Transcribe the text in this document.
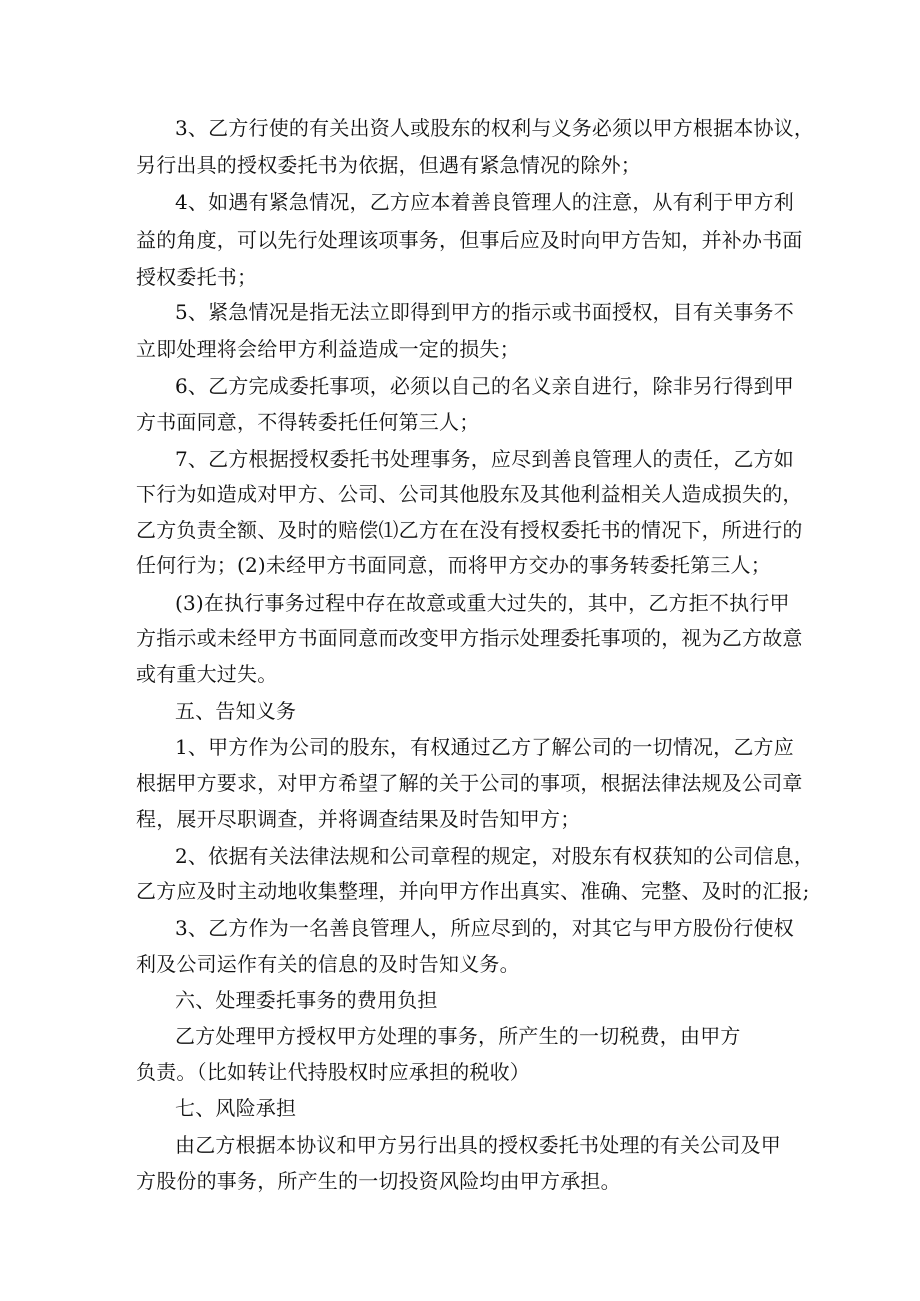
3、乙方行使的有关出资人或股东的权利与义务必须以甲方根据本协议，
另行出具的授权委托书为依据，但遇有紧急情况的除外；
4、如遇有紧急情况，乙方应本着善良管理人的注意，从有利于甲方利
益的角度，可以先行处理该项事务，但事后应及时向甲方告知，并补办书面
授权委托书；
5、紧急情况是指无法立即得到甲方的指示或书面授权，目有关事务不
立即处理将会给甲方利益造成一定的损失；
6、乙方完成委托事项，必须以自己的名义亲自进行，除非另行得到甲
方书面同意，不得转委托任何第三人；
7、乙方根据授权委托书处理事务，应尽到善良管理人的责任，乙方如
下行为如造成对甲方、公司、公司其他股东及其他利益相关人造成损失的，
乙方负责全额、及时的赔偿⑴乙方在在没有授权委托书的情况下，所进行的
任何行为；(2)未经甲方书面同意，而将甲方交办的事务转委托第三人；
(3)在执行事务过程中存在故意或重大过失的，其中，乙方拒不执行甲
方指示或未经甲方书面同意而改变甲方指示处理委托事项的，视为乙方故意
或有重大过失。
五、告知义务
1、甲方作为公司的股东，有权通过乙方了解公司的一切情况，乙方应
根据甲方要求，对甲方希望了解的关于公司的事项，根据法律法规及公司章
程，展开尽职调查，并将调查结果及时告知甲方；
2、依据有关法律法规和公司章程的规定，对股东有权获知的公司信息，
乙方应及时主动地收集整理，并向甲方作出真实、准确、完整、及时的汇报;
3、乙方作为一名善良管理人，所应尽到的，对其它与甲方股份行使权
利及公司运作有关的信息的及时告知义务。
六、处理委托事务的费用负担
乙方处理甲方授权甲方处理的事务，所产生的一切税费，由甲方
负责。（比如转让代持股权时应承担的税收）
七、风险承担
由乙方根据本协议和甲方另行出具的授权委托书处理的有关公司及甲
方股份的事务，所产生的一切投资风险均由甲方承担。
